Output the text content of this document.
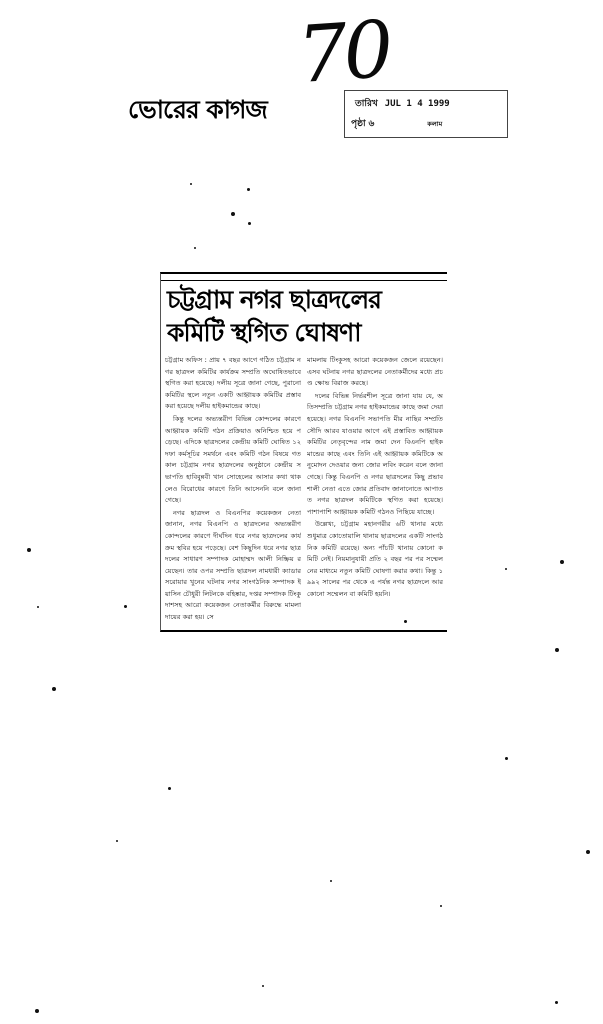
70
ভোরের কাগজ	তারিখ JUL 1 4 1999
পৃষ্ঠা ৬	কলাম
চট্টগ্রাম নগর ছাত্রদলের
কমিটি স্থগিত ঘোষণা

চট্টগ্রাম অফিস : প্রায় ৭ বছর আগে গঠিত চট্টগ্রাম নগর ছাত্রদল কমিটির কার্যক্রম সম্প্রতি অঘোষিতভাবে স্থগিত করা হয়েছে। দলীয় সূত্রে জানা গেছে, পুরানো কমিটির স্থলে নতুন একটি আহ্বায়ক কমিটির প্রস্তাব করা হয়েছে দলীয় হাইকমান্ডের কাছে।

কিন্তু দলের অভ্যন্তরীণ বিভিন্ন কোন্দলের কারণে আহ্বায়ক কমিটি গঠন প্রক্রিয়াও অনিশ্চিত হয়ে পড়েছে। এদিকে ছাত্রদলের কেন্দ্রীয় কমিটি ঘোষিত ১২ দফা কর্মসূচির সমর্থনে এবং কমিটি গঠন বিষয়ে গতকাল চট্টগ্রাম নগর ছাত্রদলের অনুষ্ঠানে কেন্দ্রীয় সভাপতি হাবিবুন্নবী খান সোহেলের আসার কথা থাকলেও বিরোধের কারণে তিনি আসেননি বলে জানা গেছে।

নগর ছাত্রদল ও বিএনপির কয়েকজন নেতা জানান, নগর বিএনপি ও ছাত্রদলের অভ্যন্তরীণ কোন্দলের কারণে দীর্ঘদিন ধরে নগর ছাত্রদলের কার্যক্রম স্থবির হয়ে পড়েছে। বেশ কিছুদিন ধরে নগর ছাত্রদলের সাধারণ সম্পাদক মোহাম্মদ আলী নিষ্ক্রিয় রয়েছেন। তার ওপর সম্প্রতি ছাত্রদল নামধারী ক্যাডার সরোয়ার খুনের ঘটনায় নগর সাংগঠনিক সম্পাদক ইয়াসিন চৌধুরী লিটনকে বহিষ্কার, দপ্তর সম্পাদক টিংকু দাশসহ আরো কয়েকজন নেতাকর্মীর বিরুদ্ধে মামলা দায়ের করা হয়। সে

মামলায় টিংকুসহ আরো কয়েকজন জেলে রয়েছেন। এসব ঘটনায় নগর ছাত্রদলের নেতাকর্মীদের মধ্যে প্রচণ্ড ক্ষোভ বিরাজ করছে।

দলের বিভিন্ন নির্ভরশীল সূত্রে জানা যায় যে, অতিসম্প্রতি চট্টগ্রাম নগর হাইকমান্ডের কাছে জমা দেয়া হয়েছে। নগর বিএনপি সভাপতি মীর নাছির সম্প্রতি সৌদি আরব যাওয়ার আগে এই প্রস্তাবিত আহ্বায়ক কমিটির নেতৃবৃন্দের নাম জমা দেন বিএনপি হাইকমান্ডের কাছে এবং তিনি এই আহ্বায়ক কমিটিকে অনুমোদন দেওয়ার জন্য জোর লবিং করেন বলে জানা গেছে। কিন্তু বিএনপি ও নগর ছাত্রদলের কিছু প্রভাবশালী নেতা এতে জোর প্রতিবাদ জানানোতে আপাতত নগর ছাত্রদল কমিটিকে স্থগিত করা হয়েছে। পাশাপাশি আহ্বায়ক কমিটি গঠনও পিছিয়ে যাচ্ছে।

উল্লেখ্য, চট্টগ্রাম মহানগরীর ৬টি থানার মধ্যে শুধুমাত্র কোতোয়ালি থানায় ছাত্রদলের একটি সাংগঠনিক কমিটি রয়েছে। অন্য পাঁচটি থানায় কোনো কমিটি নেই। নিয়মানুযায়ী প্রতি ২ বছর পর পর সম্মেলনের মাধ্যমে নতুন কমিটি ঘোষণা করার কথা। কিন্তু ১৯৯২ সালের পর থেকে এ পর্যন্ত নগর ছাত্রদলে আর কোনো সম্মেলন বা কমিটি হয়নি।
